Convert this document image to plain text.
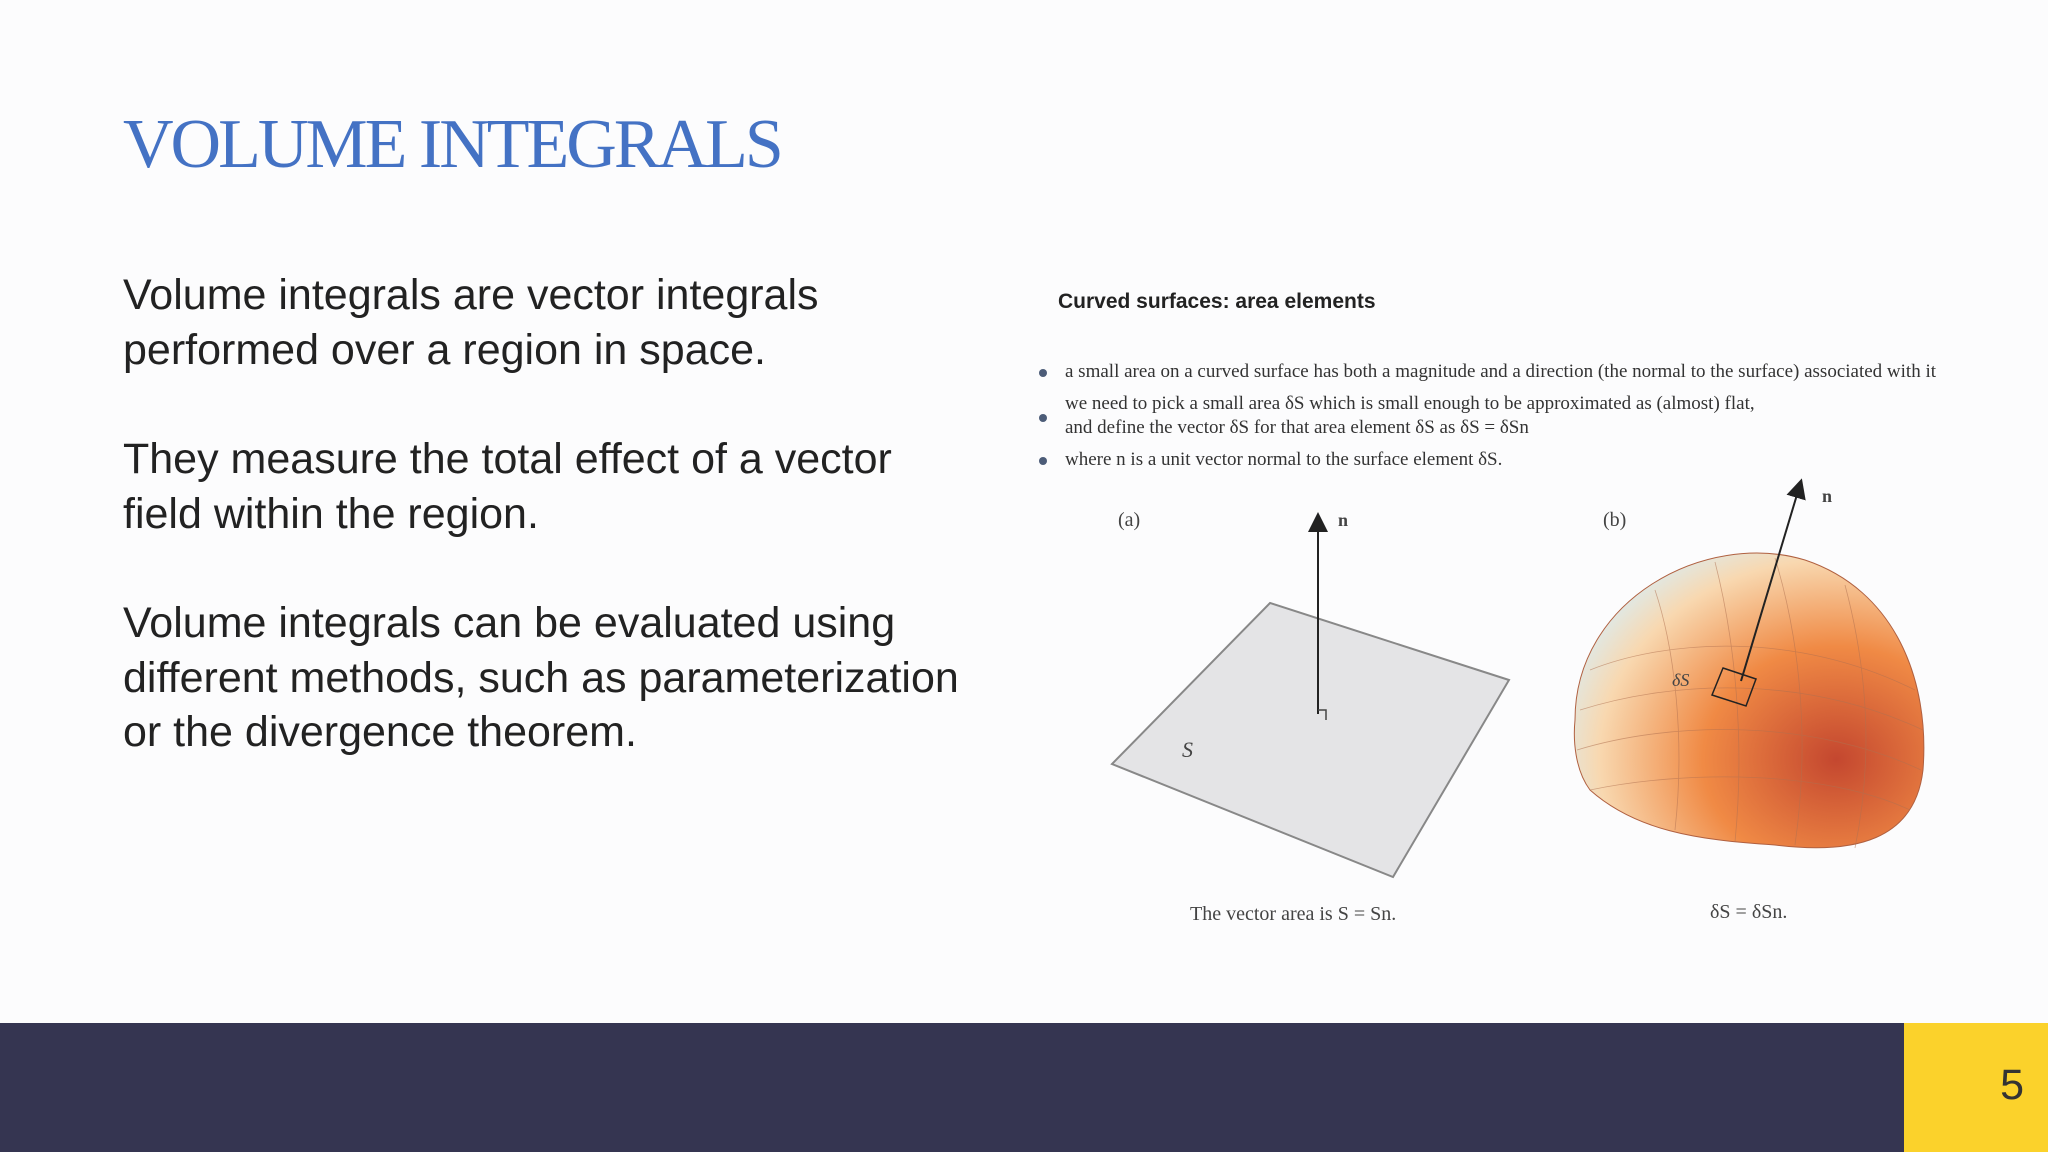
VOLUME INTEGRALS

Volume integrals are vector integrals performed over a region in space.

They measure the total effect of a vector field within the region.

Volume integrals can be evaluated using different methods, such as parameterization or the divergence theorem.

Curved surfaces: area elements
a small area on a curved surface has both a magnitude and a direction (the normal to the surface) associated with it
we need to pick a small area δS which is small enough to be approximated as (almost) flat,
and define the vector δS for that area element δS as δS = δSn
where n is a unit vector normal to the surface element δS.
(a)	(b)
n
S
n
δS
The vector area is S = Sn.	δS = δSn.
5
